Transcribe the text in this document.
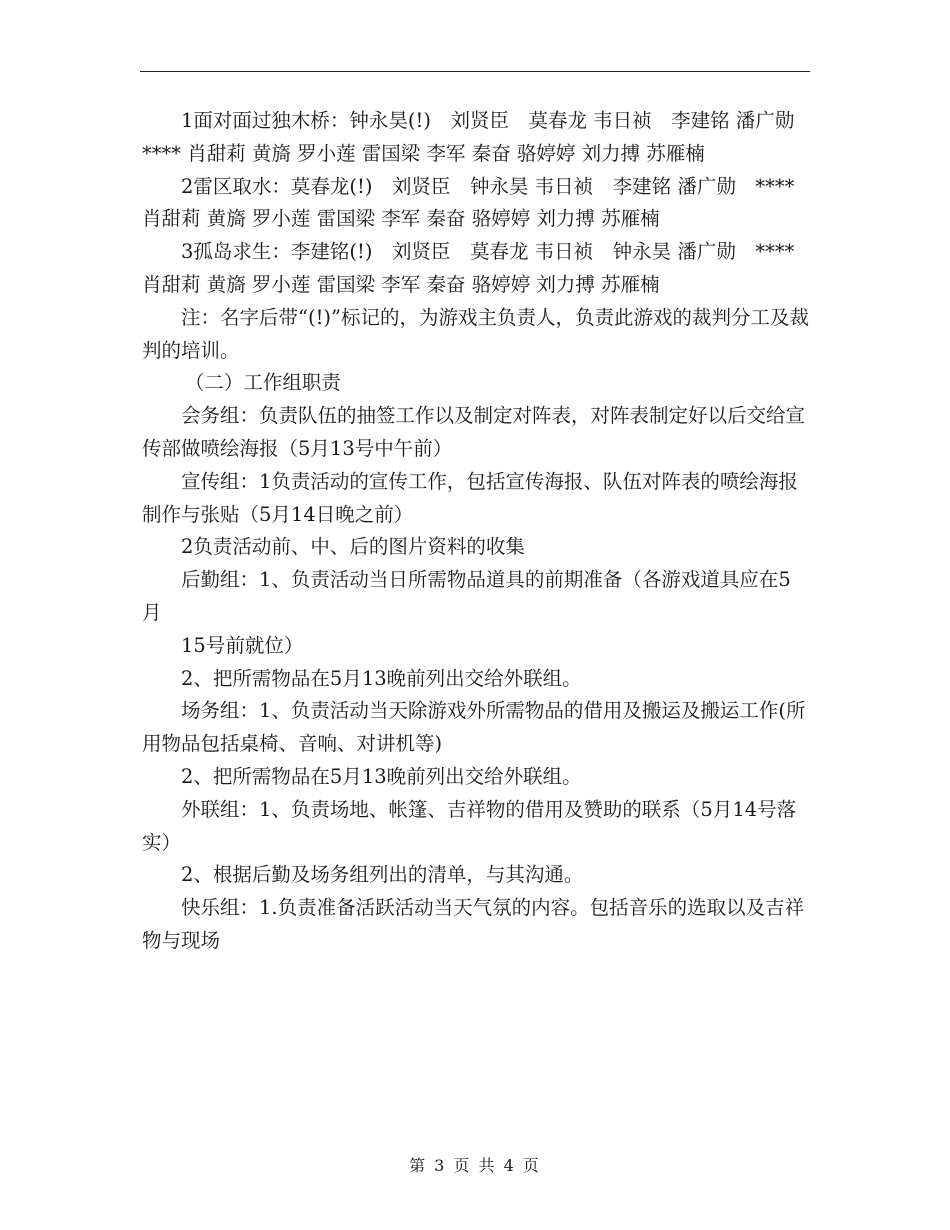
1面对面过独木桥：钟永昊(!)　刘贤臣　莫春龙 韦日祯　李建铭 潘广勋　**** 肖甜莉 黄旖 罗小莲 雷国梁 李军 秦奋 骆婷婷 刘力搏 苏雁楠

2雷区取水：莫春龙(!)　刘贤臣　钟永昊 韦日祯　李建铭 潘广勋　****　肖甜莉 黄旖 罗小莲 雷国梁 李军 秦奋 骆婷婷 刘力搏 苏雁楠

3孤岛求生：李建铭(!)　刘贤臣　莫春龙 韦日祯　钟永昊 潘广勋　****　肖甜莉 黄旖 罗小莲 雷国梁 李军 秦奋 骆婷婷 刘力搏 苏雁楠

注：名字后带“(!)”标记的，为游戏主负责人，负责此游戏的裁判分工及裁判的培训。

（二）工作组职责

会务组：负责队伍的抽签工作以及制定对阵表，对阵表制定好以后交给宣传部做喷绘海报（5月13号中午前）

宣传组：1负责活动的宣传工作，包括宣传海报、队伍对阵表的喷绘海报制作与张贴（5月14日晚之前）

2负责活动前、中、后的图片资料的收集

后勤组：1、负责活动当日所需物品道具的前期准备（各游戏道具应在5 月

15号前就位）

2、把所需物品在5月13晚前列出交给外联组。

场务组：1、负责活动当天除游戏外所需物品的借用及搬运及搬运工作(所用物品包括桌椅、音响、对讲机等)

2、把所需物品在5月13晚前列出交给外联组。

外联组：1、负责场地、帐篷、吉祥物的借用及赞助的联系（5月14号落实）

2、根据后勤及场务组列出的清单，与其沟通。

快乐组：1.负责准备活跃活动当天气氛的内容。包括音乐的选取以及吉祥物与现场

第 3 页 共 4 页
